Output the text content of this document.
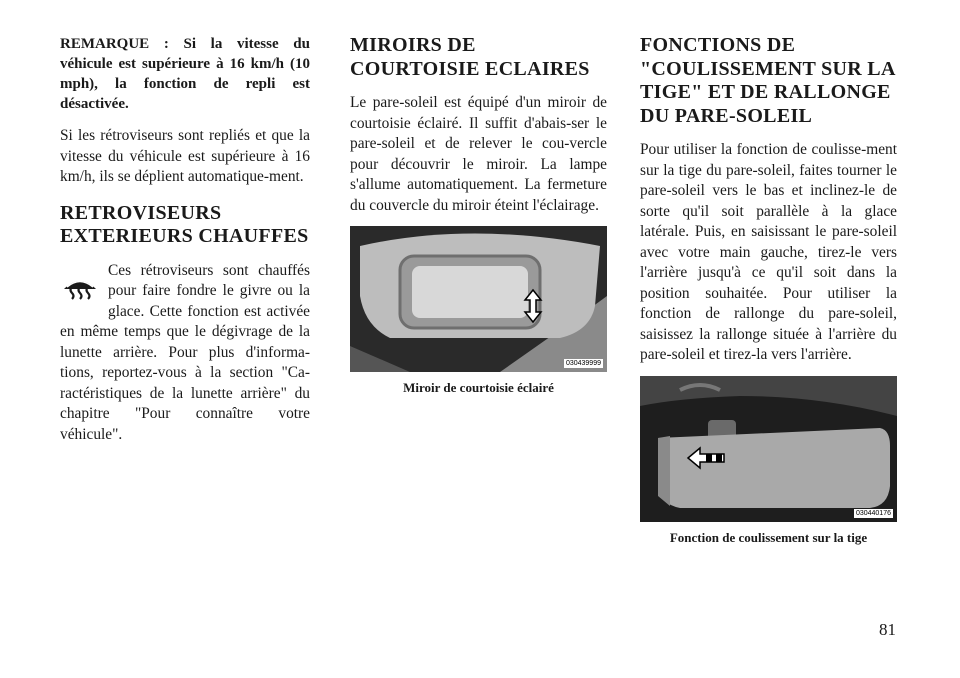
REMARQUE : Si la vitesse du véhicule est supérieure à 16 km/h (10 mph), la fonction de repli est désactivée.

Si les rétroviseurs sont repliés et que la vitesse du véhicule est supérieure à 16 km/h, ils se déplient automatique-ment.

RETROVISEURS EXTERIEURS CHAUFFES

Ces rétroviseurs sont chauffés pour faire fondre le givre ou la glace. Cette fonction est activée en même temps que le dégivrage de la lunette arrière. Pour plus d'informa-tions, reportez-vous à la section "Ca-ractéristiques de la lunette arrière" du chapitre "Pour connaître votre véhicule".

MIROIRS DE COURTOISIE ECLAIRES

Le pare-soleil est équipé d'un miroir de courtoisie éclairé. Il suffit d'abais-ser le pare-soleil et de relever le cou-vercle pour découvrir le miroir. La lampe s'allume automatiquement. La fermeture du couvercle du miroir éteint l'éclairage.

030439999

Miroir de courtoisie éclairé

FONCTIONS DE "COULISSEMENT SUR LA TIGE" ET DE RALLONGE DU PARE-SOLEIL

Pour utiliser la fonction de coulisse-ment sur la tige du pare-soleil, faites tourner le pare-soleil vers le bas et inclinez-le de sorte qu'il soit parallèle à la glace latérale. Puis, en saisissant le pare-soleil avec votre main gauche, tirez-le vers l'arrière jusqu'à ce qu'il soit dans la position souhaitée. Pour utiliser la fonction de rallonge du pare-soleil, saisissez la rallonge située à l'arrière du pare-soleil et tirez-la vers l'arrière.

030440176

Fonction de coulissement sur la tige

81
